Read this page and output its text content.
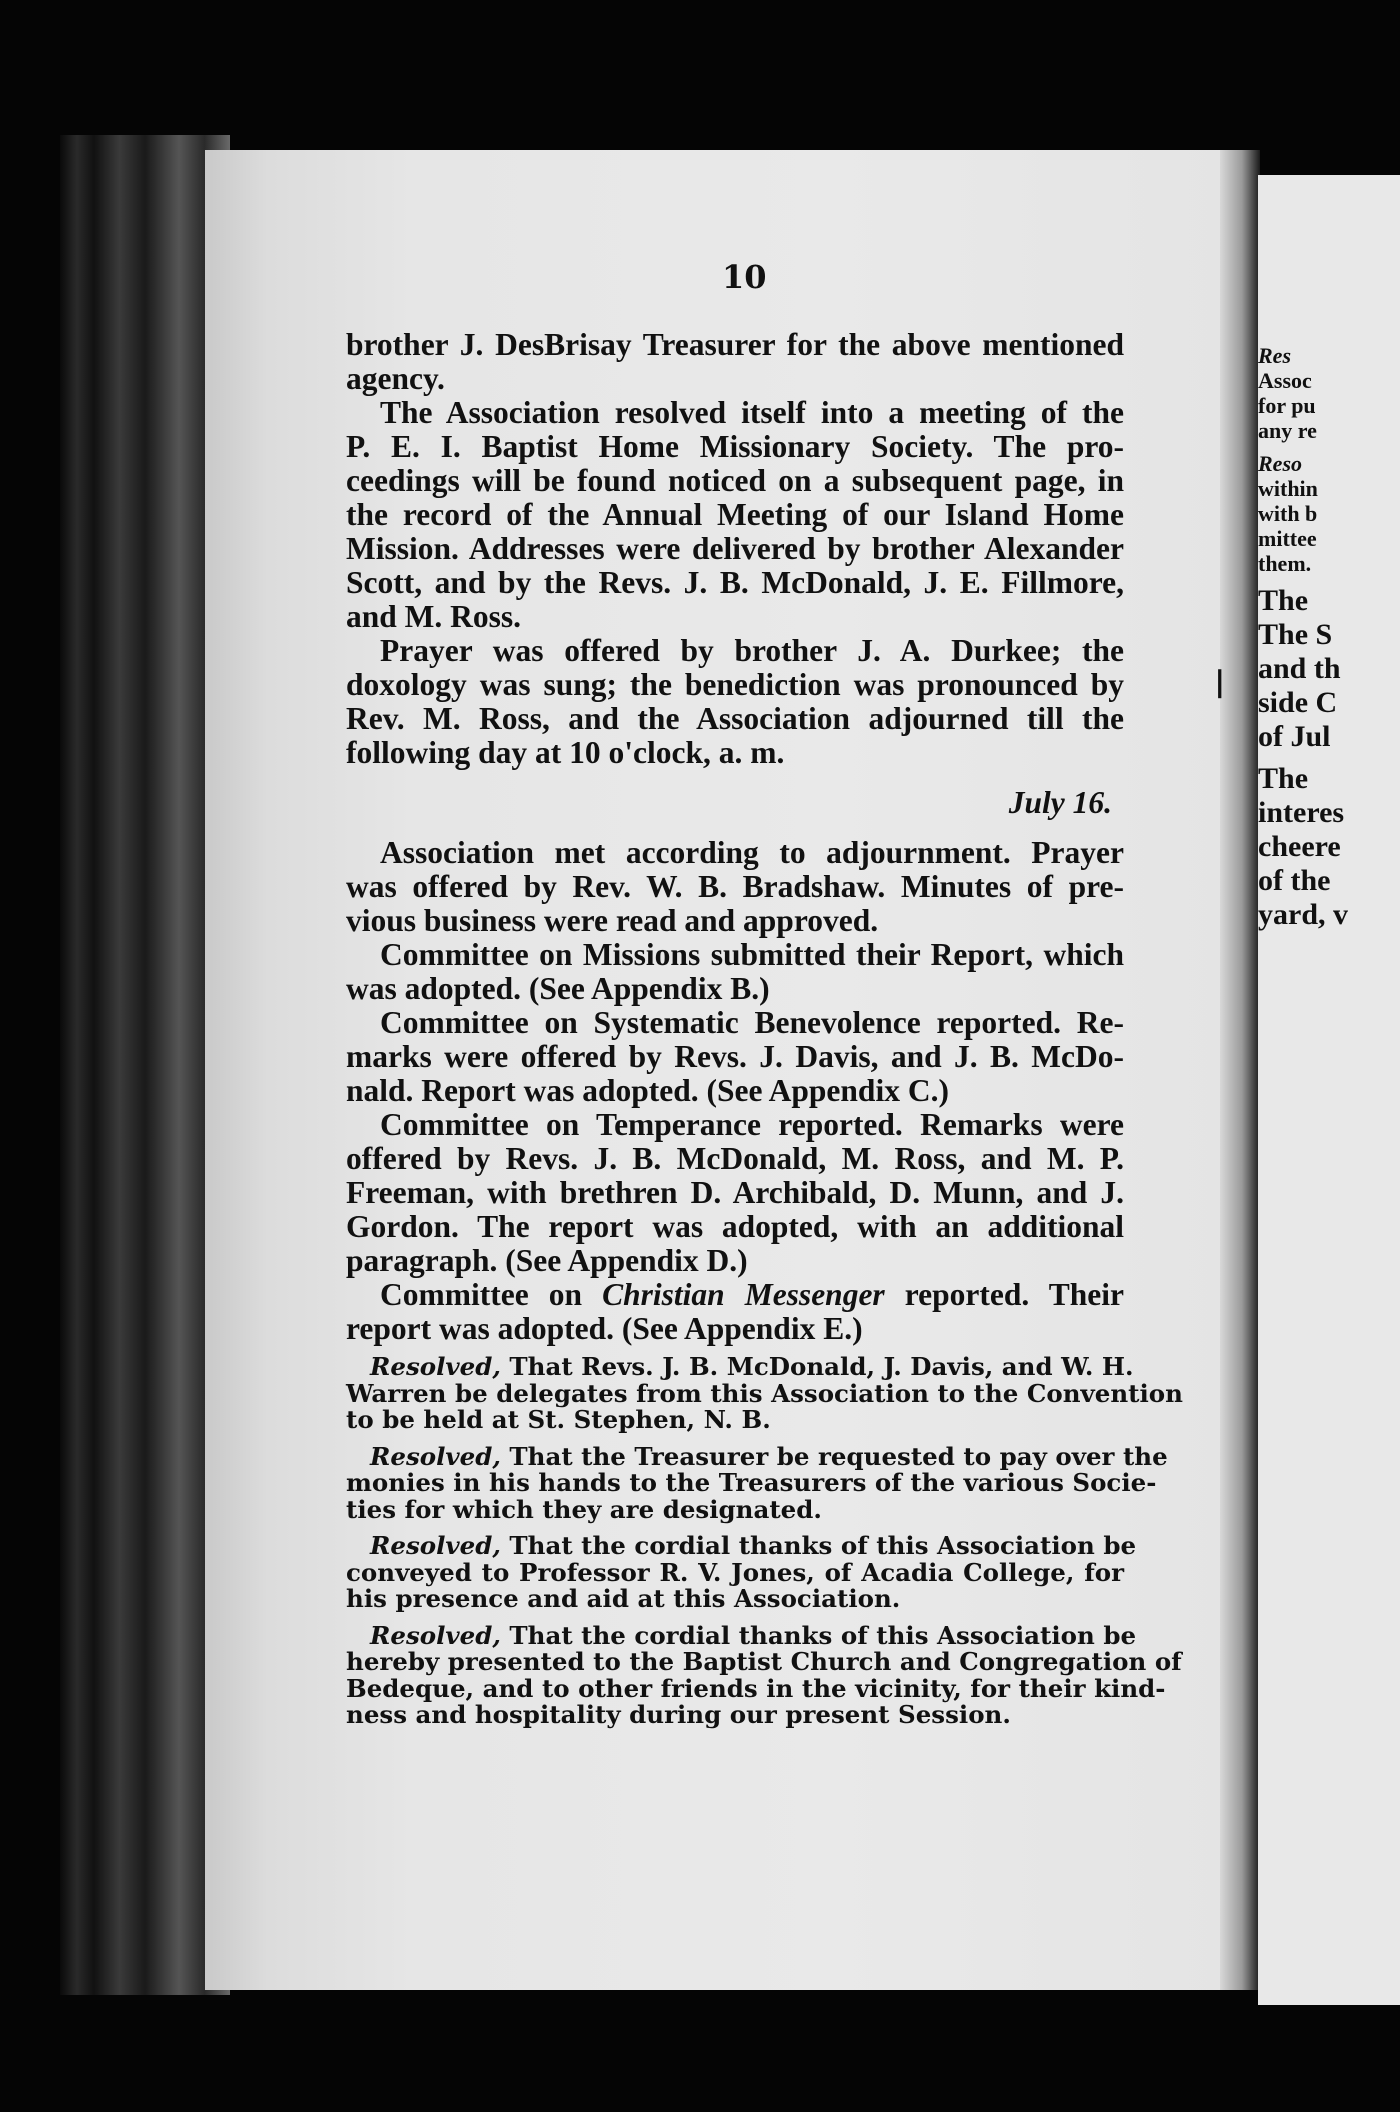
10
brother J. DesBrisay Treasurer for the above mentioned
agency.
The Association resolved itself into a meeting of the
P. E. I. Baptist Home Missionary Society. The pro-
ceedings will be found noticed on a subsequent page, in
the record of the Annual Meeting of our Island Home
Mission. Addresses were delivered by brother Alexander
Scott, and by the Revs. J. B. McDonald, J. E. Fillmore,
and M. Ross.
Prayer was offered by brother J. A. Durkee; the
doxology was sung; the benediction was pronounced by
Rev. M. Ross, and the Association adjourned till the
following day at 10 o'clock, a. m.
July 16.
Association met according to adjournment. Prayer
was offered by Rev. W. B. Bradshaw. Minutes of pre-
vious business were read and approved.
Committee on Missions submitted their Report, which
was adopted. (See Appendix B.)
Committee on Systematic Benevolence reported. Re-
marks were offered by Revs. J. Davis, and J. B. McDo-
nald. Report was adopted. (See Appendix C.)
Committee on Temperance reported. Remarks were
offered by Revs. J. B. McDonald, M. Ross, and M. P.
Freeman, with brethren D. Archibald, D. Munn, and J.
Gordon. The report was adopted, with an additional
paragraph. (See Appendix D.)
Committee on Christian Messenger reported. Their
report was adopted. (See Appendix E.)
Resolved, That Revs. J. B. McDonald, J. Davis, and W. H.
Warren be delegates from this Association to the Convention
to be held at St. Stephen, N. B.
Resolved, That the Treasurer be requested to pay over the
monies in his hands to the Treasurers of the various Socie-
ties for which they are designated.
Resolved, That the cordial thanks of this Association be
conveyed to Professor R. V. Jones, of Acadia College, for
his presence and aid at this Association.
Resolved, That the cordial thanks of this Association be
hereby presented to the Baptist Church and Congregation of
Bedeque, and to other friends in the vicinity, for their kind-
ness and hospitality during our present Session.
❘
Res
Assoc
for pu
any re
Reso
within
with b
mittee
them.
The
The S
and th
side C
of Jul
The
interes
cheere
of the
yard, v
